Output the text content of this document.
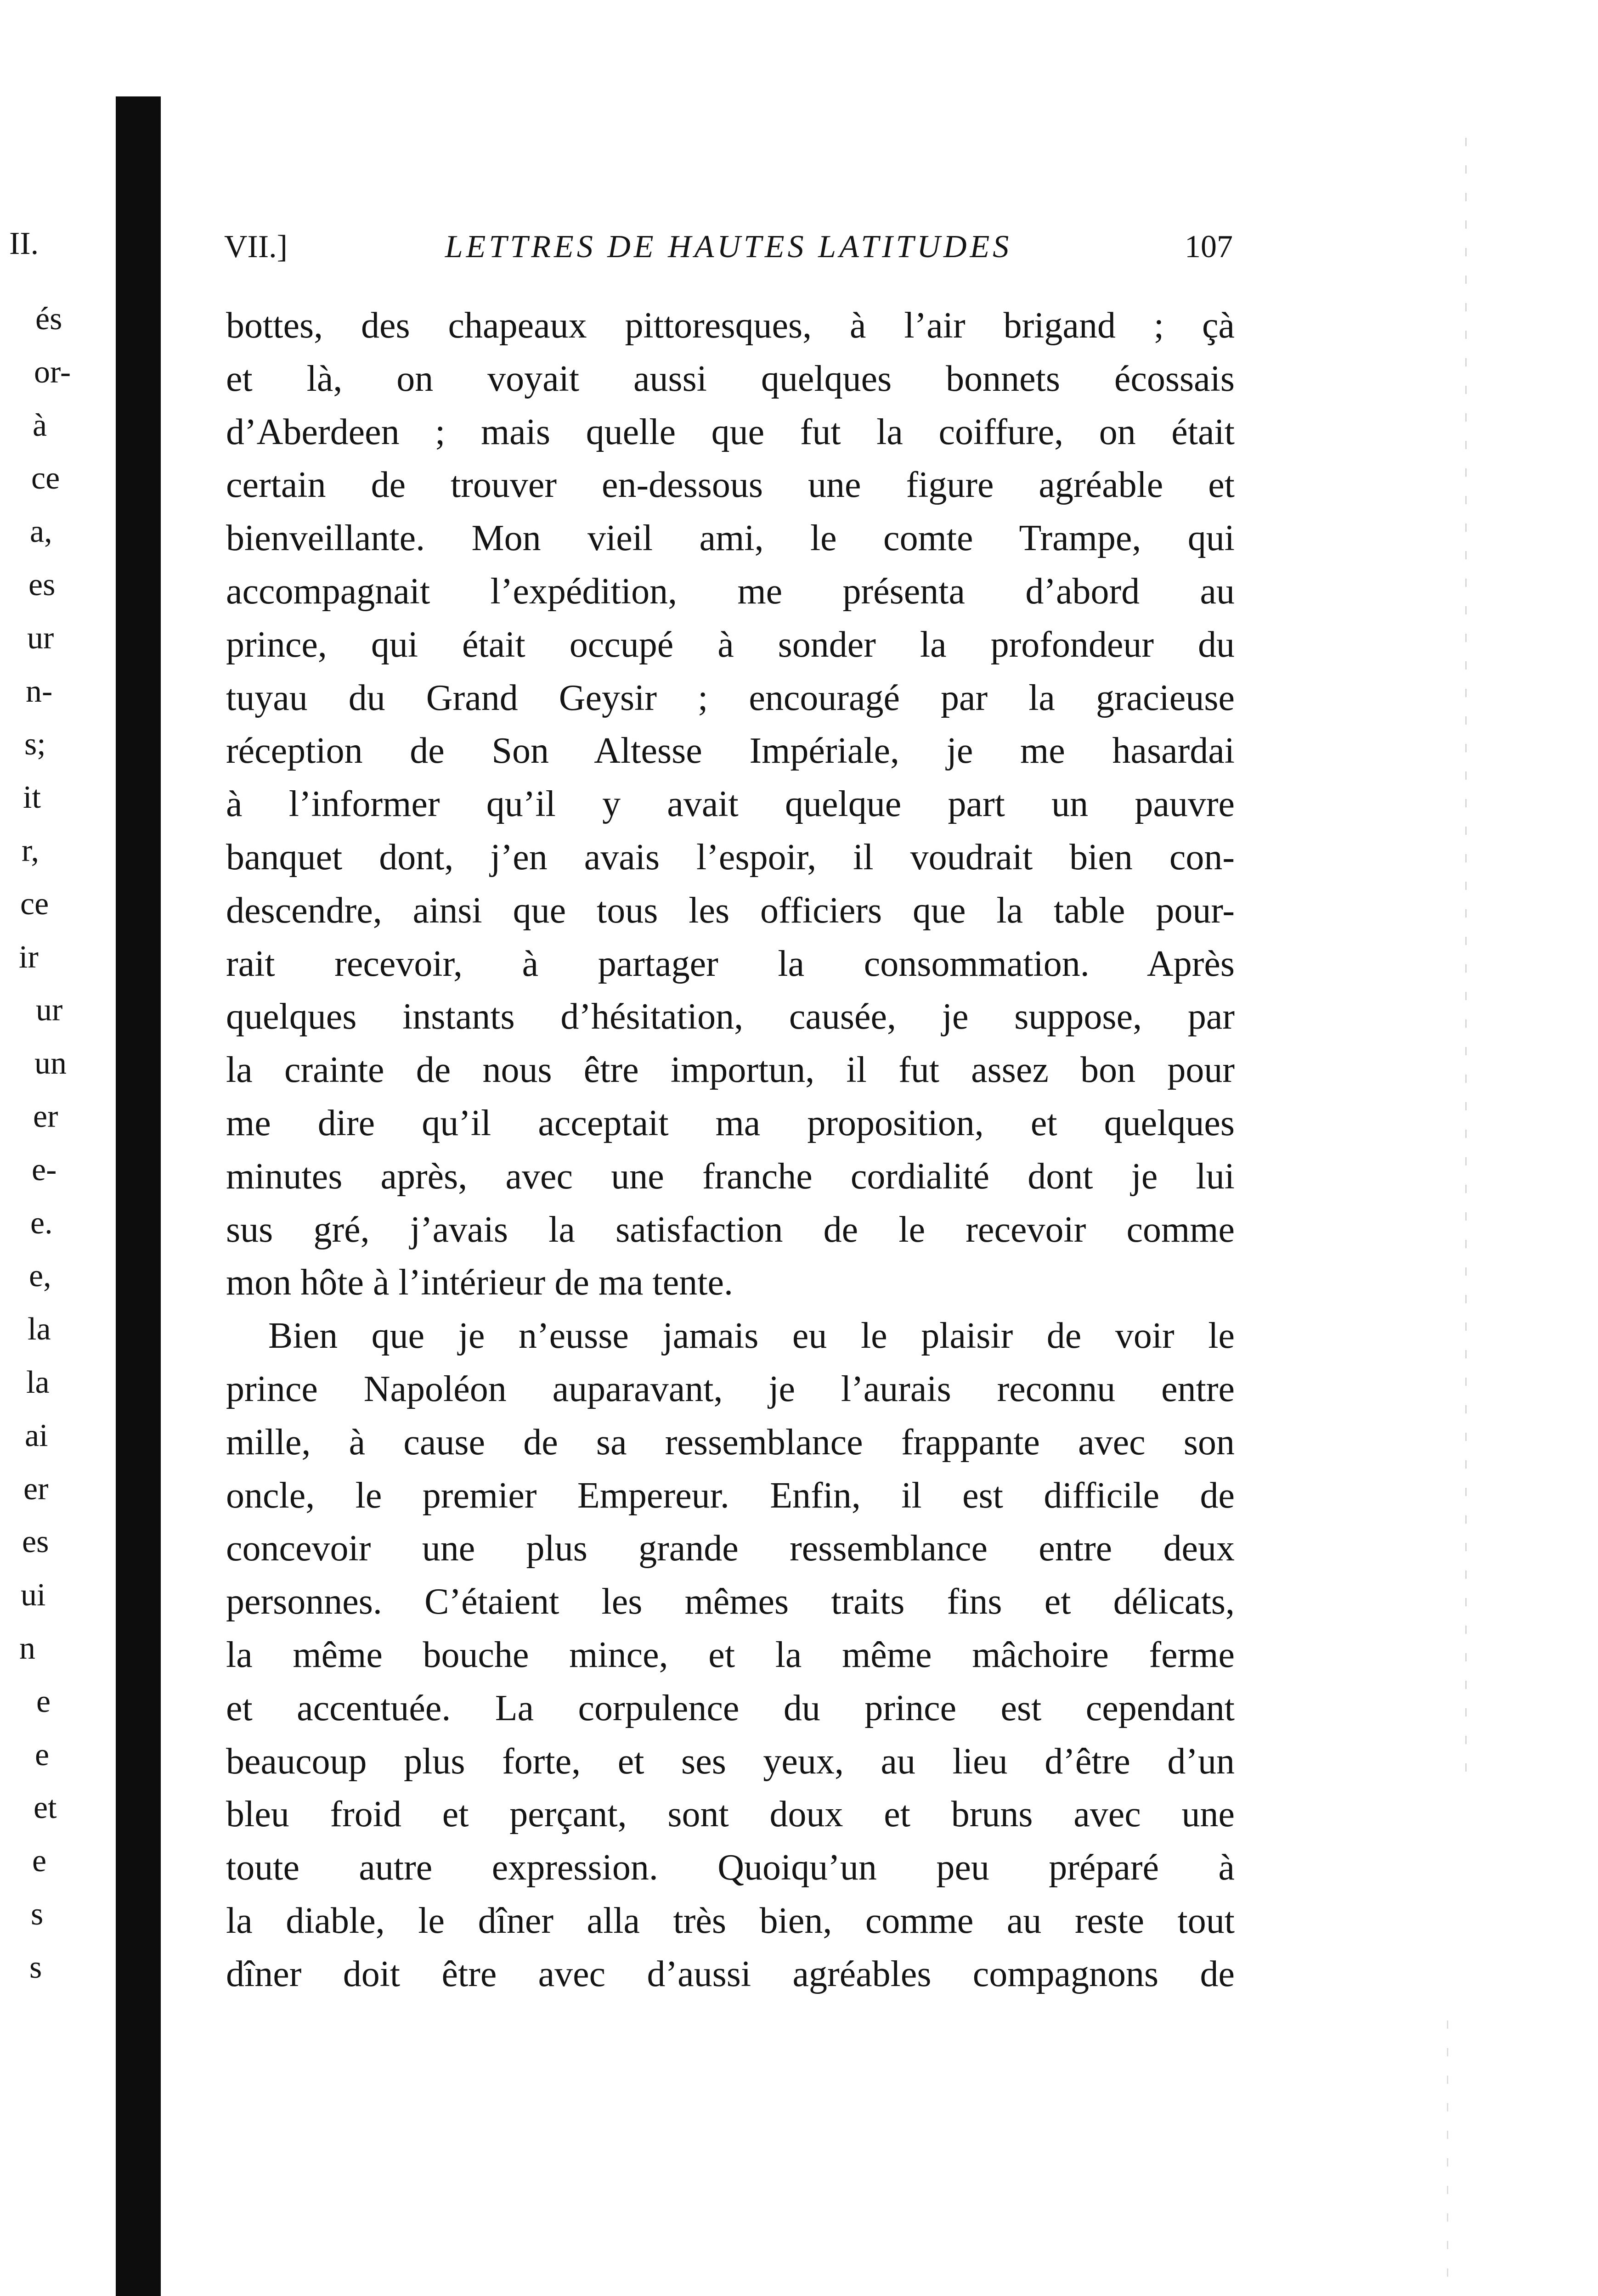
II.
és
or-
à
ce
a,
es
ur
n-
s;
it
r,
ce
ir
ur
un
er
e-
e.
e,
la
la
ai
er
es
ui
n
e
e
et
e
s
s
VII.]	LETTRES DE HAUTES LATITUDES	107
bottes, des chapeaux pittoresques, à l’air brigand ; çà
et là, on voyait aussi quelques bonnets écossais
d’Aberdeen ; mais quelle que fut la coiffure, on était
certain de trouver en-dessous une figure agréable et
bienveillante. Mon vieil ami, le comte Trampe, qui
accompagnait l’expédition, me présenta d’abord au
prince, qui était occupé à sonder la profondeur du
tuyau du Grand Geysir ; encouragé par la gracieuse
réception de Son Altesse Impériale, je me hasardai
à l’informer qu’il y avait quelque part un pauvre
banquet dont, j’en avais l’espoir, il voudrait bien con-
descendre, ainsi que tous les officiers que la table pour-
rait recevoir, à partager la consommation. Après
quelques instants d’hésitation, causée, je suppose, par
la crainte de nous être importun, il fut assez bon pour
me dire qu’il acceptait ma proposition, et quelques
minutes après, avec une franche cordialité dont je lui
sus gré, j’avais la satisfaction de le recevoir comme
mon hôte à l’intérieur de ma tente.
Bien que je n’eusse jamais eu le plaisir de voir le
prince Napoléon auparavant, je l’aurais reconnu entre
mille, à cause de sa ressemblance frappante avec son
oncle, le premier Empereur. Enfin, il est difficile de
concevoir une plus grande ressemblance entre deux
personnes. C’étaient les mêmes traits fins et délicats,
la même bouche mince, et la même mâchoire ferme
et accentuée. La corpulence du prince est cependant
beaucoup plus forte, et ses yeux, au lieu d’être d’un
bleu froid et perçant, sont doux et bruns avec une
toute autre expression. Quoiqu’un peu préparé à
la diable, le dîner alla très bien, comme au reste tout
dîner doit être avec d’aussi agréables compagnons de
